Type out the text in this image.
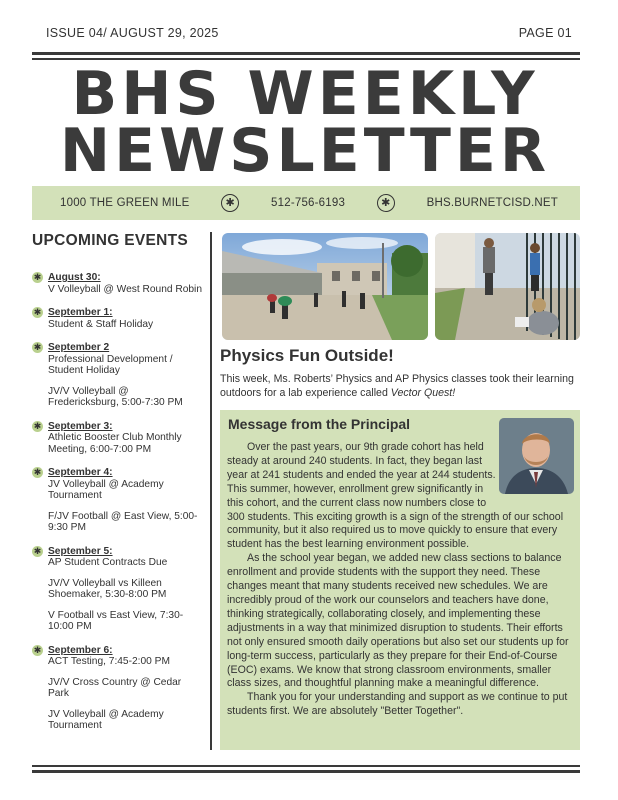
ISSUE 04/ AUGUST 29, 2025	PAGE 01
BHS WEEKLY
NEWSLETTER
1000 THE GREEN MILE	✱	512-756-6193	✱	BHS.BURNETCISD.NET
UPCOMING EVENTS
✱ August 30:
V Volleyball @ West Round Robin
✱ September 1:
Student & Staff Holiday
✱ September 2
Professional Development / Student Holiday
JV/V Volleyball @ Fredericksburg, 5:00-7:30 PM
✱ September 3:
Athletic Booster Club Monthly Meeting, 6:00-7:00 PM
✱ September 4:
JV Volleyball @ Academy Tournament
F/JV Football @ East View, 5:00-9:30 PM
✱ September 5:
AP Student Contracts Due
JV/V Volleyball vs Killeen Shoemaker, 5:30-8:00 PM
V Football vs East View, 7:30-10:00 PM
✱ September 6:
ACT Testing, 7:45-2:00 PM
JV/V Cross Country @ Cedar Park
JV Volleyball @ Academy Tournament
Physics Fun Outside!
This week, Ms. Roberts’ Physics and AP Physics classes took their learning outdoors for a lab experience called Vector Quest!
Message from the Principal

Over the past years, our 9th grade cohort has held steady at around 240 students. In fact, they began last year at 241 students and ended the year at 244 students. This summer, however, enrollment grew significantly in this cohort, and the current class now numbers close to 300 students. This exciting growth is a sign of the strength of our school community, but it also required us to move quickly to ensure that every student has the best learning environment possible.

As the school year began, we added new class sections to balance enrollment and provide students with the support they need. These changes meant that many students received new schedules. We are incredibly proud of the work our counselors and teachers have done, thinking strategically, collaborating closely, and implementing these adjustments in a way that minimized disruption to students. Their efforts not only ensured smooth daily operations but also set our students up for long-term success, particularly as they prepare for their End-of-Course (EOC) exams. We know that strong classroom environments, smaller class sizes, and thoughtful planning make a meaningful difference.

Thank you for your understanding and support as we continue to put students first. We are absolutely "Better Together".
